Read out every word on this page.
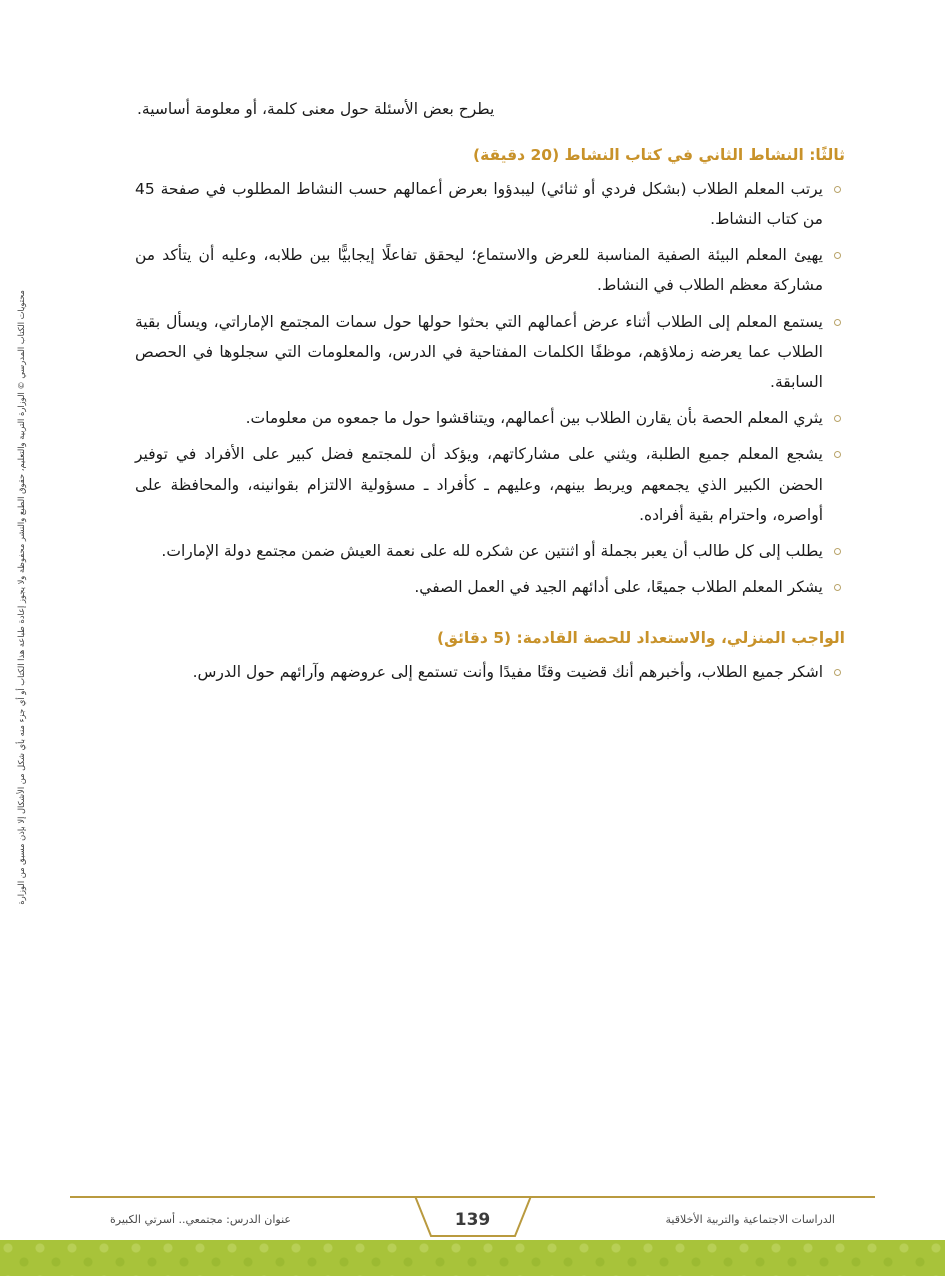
يطرح بعض الأسئلة حول معنى كلمة، أو معلومة أساسية.

ثالثًا: النشاط الثاني في كتاب النشاط (20 دقيقة)
يرتب المعلم الطلاب (بشكل فردي أو ثنائي) ليبدؤوا بعرض أعمالهم حسب النشاط المطلوب في صفحة 45 من كتاب النشاط.
يهيئ المعلم البيئة الصفية المناسبة للعرض والاستماع؛ ليحقق تفاعلًا إيجابيًّا بين طلابه، وعليه أن يتأكد من مشاركة معظم الطلاب في النشاط.
يستمع المعلم إلى الطلاب أثناء عرض أعمالهم التي بحثوا حولها حول سمات المجتمع الإماراتي، ويسأل بقية الطلاب عما يعرضه زملاؤهم، موظفًا الكلمات المفتاحية في الدرس، والمعلومات التي سجلوها في الحصص السابقة.
يثري المعلم الحصة بأن يقارن الطلاب بين أعمالهم، ويتناقشوا حول ما جمعوه من معلومات.
يشجع المعلم جميع الطلبة، ويثني على مشاركاتهم، ويؤكد أن للمجتمع فضل كبير على الأفراد في توفير الحضن الكبير الذي يجمعهم ويربط بينهم، وعليهم ـ كأفراد ـ مسؤولية الالتزام بقوانينه، والمحافظة على أواصره، واحترام بقية أفراده.
يطلب إلى كل طالب أن يعبر بجملة أو اثنتين عن شكره لله على نعمة العيش ضمن مجتمع دولة الإمارات.
يشكر المعلم الطلاب جميعًا، على أدائهم الجيد في العمل الصفي.
الواجب المنزلي، والاستعداد للحصة القادمة: (5 دقائق)
اشكر جميع الطلاب، وأخبرهم أنك قضيت وقتًا مفيدًا وأنت تستمع إلى عروضهم وآرائهم حول الدرس.
محتويات الكتاب المدرسي © الوزارة التربية والتعليم، حقوق الطبع والنشر محفوظة ولا يجوز إعادة طباعة هذا الكتاب أو أي جزء منه بأي شكل من الأشكال إلا بإذن مسبق من الوزارة
139
عنوان الدرس: مجتمعي.. أسرتي الكبيرة	الدراسات الاجتماعية والتربية الأخلاقية
